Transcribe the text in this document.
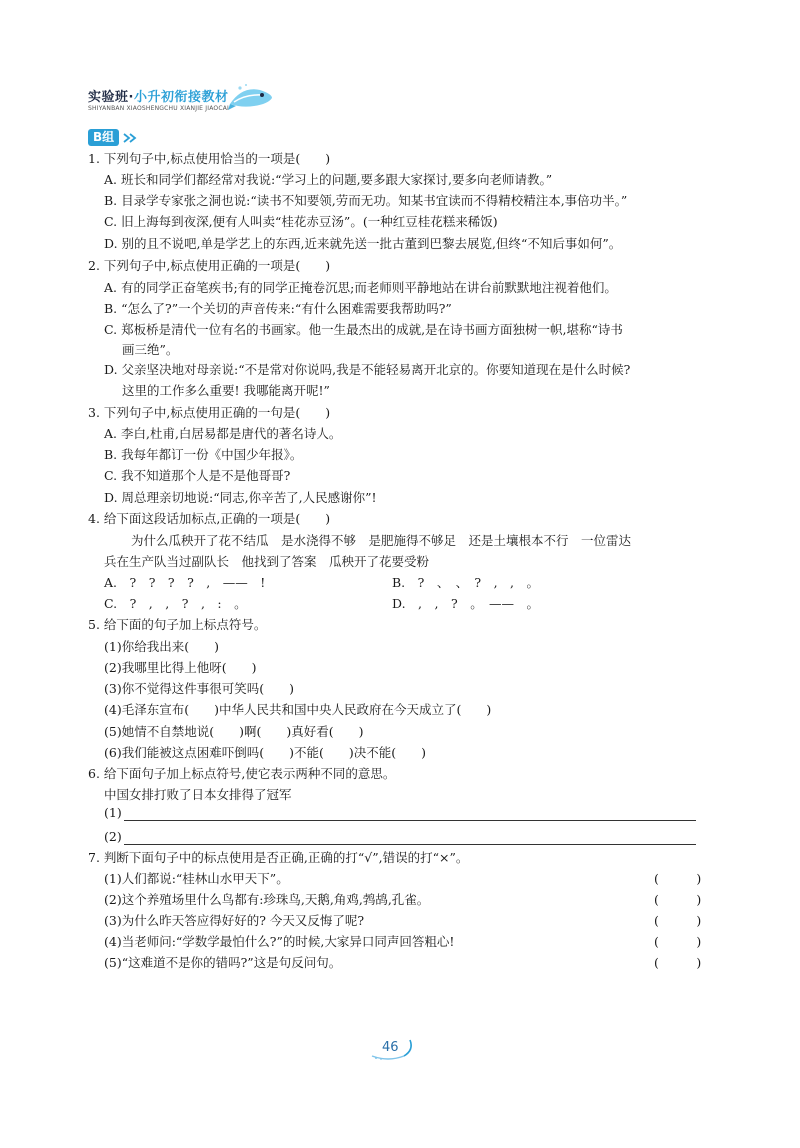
实验班·小升初衔接教材
SHIYANBAN XIAOSHENGCHU XIANJIE JIAOCAI
B组
1. 下列句子中,标点使用恰当的一项是(　　)
A. 班长和同学们都经常对我说:“学习上的问题,要多跟大家探讨,要多向老师请教。”
B. 目录学专家张之洞也说:“读书不知要领,劳而无功。知某书宜读而不得精校精注本,事倍功半。”
C. 旧上海每到夜深,便有人叫卖“桂花赤豆汤”。(一种红豆桂花糕来稀饭)
D. 别的且不说吧,单是学艺上的东西,近来就先送一批古董到巴黎去展览,但终“不知后事如何”。
2. 下列句子中,标点使用正确的一项是(　　)
A. 有的同学正奋笔疾书;有的同学正掩卷沉思;而老师则平静地站在讲台前默默地注视着他们。
B. “怎么了?”一个关切的声音传来:“有什么困难需要我帮助吗?”
C. 郑板桥是清代一位有名的书画家。他一生最杰出的成就,是在诗书画方面独树一帜,堪称“诗书
画三绝”。
D. 父亲坚决地对母亲说:“不是常对你说吗,我是不能轻易离开北京的。你要知道现在是什么时候?
这里的工作多么重要! 我哪能离开呢!”
3. 下列句子中,标点使用正确的一句是(　　)
A. 李白,杜甫,白居易都是唐代的著名诗人。
B. 我每年都订一份《中国少年报》。
C. 我不知道那个人是不是他哥哥?
D. 周总理亲切地说:“同志,你辛苦了,人民感谢你”!
4. 给下面这段话加标点,正确的一项是(　　)
为什么瓜秧开了花不结瓜　是水浇得不够　是肥施得不够足　还是土壤根本不行　一位雷达
兵在生产队当过副队长　他找到了答案　瓜秧开了花要受粉
A.　?　?　?　?　,　——　!	B.　?　、　、　?　,　,　。
C.　?　,　,　?　,　:　。	D.　,　,　?　。　——　。
5. 给下面的句子加上标点符号。
(1)你给我出来(　　)
(2)我哪里比得上他呀(　　)
(3)你不觉得这件事很可笑吗(　　)
(4)毛泽东宣布(　　)中华人民共和国中央人民政府在今天成立了(　　)
(5)她情不自禁地说(　　)啊(　　)真好看(　　)
(6)我们能被这点困难吓倒吗(　　)不能(　　)决不能(　　)
6. 给下面句子加上标点符号,使它表示两种不同的意思。
中国女排打败了日本女排得了冠军
(1)
(2)
7. 判断下面句子中的标点使用是否正确,正确的打“√”,错误的打“×”。
(1)人们都说:“桂林山水甲天下”。	(　　　)
(2)这个养殖场里什么鸟都有:珍珠鸟,天鹅,角鸡,鹁鸪,孔雀。	(　　　)
(3)为什么昨天答应得好好的? 今天又反悔了呢?	(　　　)
(4)当老师问:“学数学最怕什么?”的时候,大家异口同声回答粗心!	(　　　)
(5)“这难道不是你的错吗?”这是句反问句。	(　　　)
46
